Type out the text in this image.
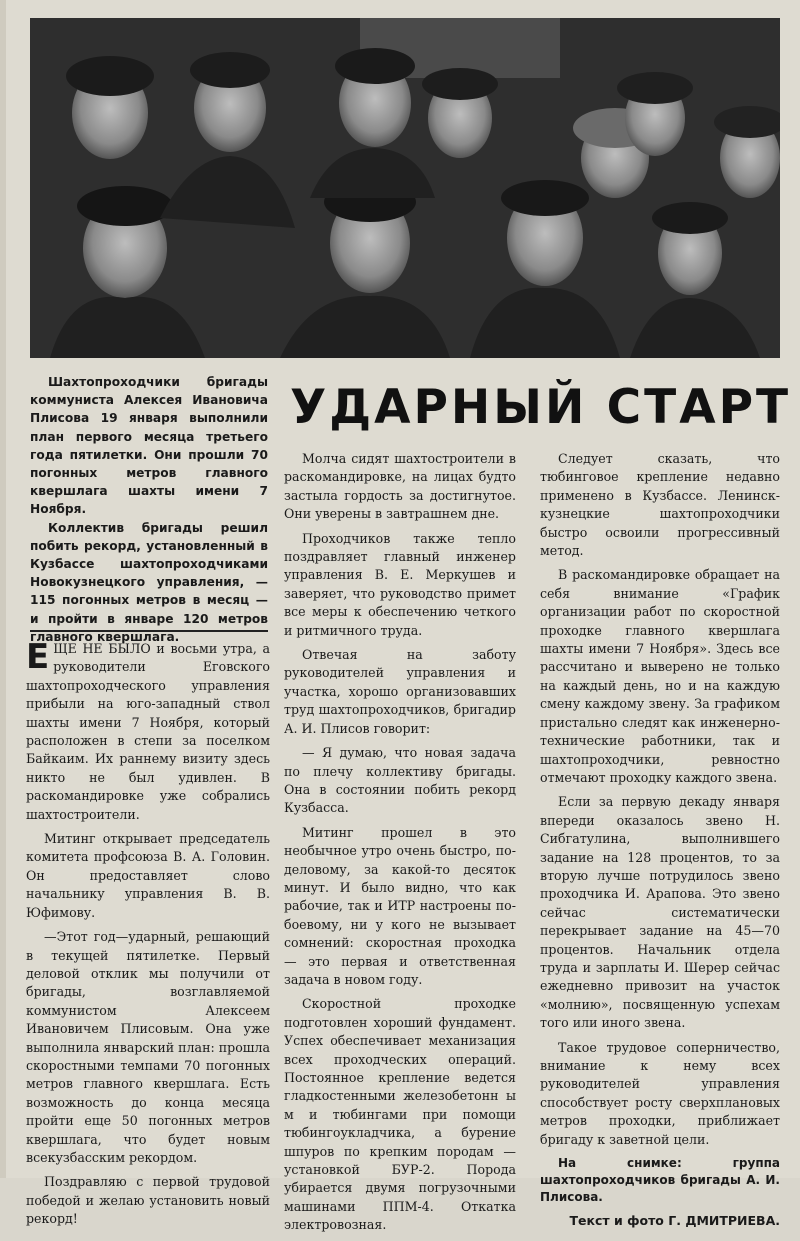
Шахтопроходчики бригады коммуниста Алексея Ивановича Плисова 19 января выполнили план первого месяца третьего года пятилетки. Они прошли 70 погонных метров главного квершлага шахты имени 7 Ноября.

Коллектив бригады решил побить рекорд, установленный в Кузбассе шахтопроходчиками Новокузнецкого управления, — 115 погонных метров в месяц — и пройти в январе 120 метров главного квершлага.

УДАРНЫЙ СТАРТ

ЕЩЕ НЕ БЫЛО и восьми утра, а руководители Еговского шахтопроходческого управления прибыли на юго-западный ствол шахты имени 7 Ноября, который расположен в степи за поселком Байкаим. Их раннему визиту здесь никто не был удивлен. В раскомандировке уже собрались шахтостроители.

Митинг открывает председатель комитета профсоюза В. А. Головин. Он предоставляет слово начальнику управления В. В. Юфимову.

—Этот год—ударный, решающий в текущей пятилетке. Первый деловой отклик мы получили от бригады, возглавляемой коммунистом Алексеем Ивановичем Плисовым. Она уже выполнила январский план: прошла скоростными темпами 70 погонных метров главного квершлага. Есть возможность до конца месяца пройти еще 50 погонных метров квершлага, что будет новым всекузбасским рекордом.

Поздравляю с первой трудовой победой и желаю установить новый рекорд!

Молча сидят шахтостроители в раскомандировке, на лицах будто застыла гордость за достигнутое. Они уверены в завтрашнем дне.

Проходчиков также тепло поздравляет главный инженер управления В. Е. Меркушев и заверяет, что руководство примет все меры к обеспечению четкого и ритмичного труда.

Отвечая на заботу руководителей управления и участка, хорошо организовавших труд шахтопроходчиков, бригадир А. И. Плисов говорит:

— Я думаю, что новая задача по плечу коллективу бригады. Она в состоянии побить рекорд Кузбасса.

Митинг прошел в это необычное утро очень быстро, по-деловому, за какой-то десяток минут. И было видно, что как рабочие, так и ИТР настроены по-боевому, ни у кого не вызывает сомнений: скоростная проходка — это первая и ответственная задача в новом году.

Скоростной проходке подготовлен хороший фундамент. Успех обеспечивает механизация всех проходческих операций. Постоянное крепление ведется гладкостенными железобетонн ы м и тюбингами при помощи тюбингоукладчика, а бурение шпуров по крепким породам — установкой БУР-2. Порода убирается двумя погрузочными машинами ППМ-4. Откатка электровозная.

Следует сказать, что тюбинговое крепление недавно применено в Кузбассе. Ленинск-кузнецкие шахтопроходчики быстро освоили прогрессивный метод.

В раскомандировке обращает на себя внимание «График организации работ по скоростной проходке главного квершлага шахты имени 7 Ноября». Здесь все рассчитано и выверено не только на каждый день, но и на каждую смену каждому звену. За графиком пристально следят как инженерно-технические работники, так и шахтопроходчики, ревностно отмечают проходку каждого звена.

Если за первую декаду января впереди оказалось звено Н. Сибгатулина, выполнившего задание на 128 процентов, то за вторую лучше потрудилось звено проходчика И. Арапова. Это звено сейчас систематически перекрывает задание на 45—70 процентов. Начальник отдела труда и зарплаты И. Шерер сейчас ежедневно привозит на участок «молнию», посвященную успехам того или иного звена.

Такое трудовое соперничество, внимание к нему всех руководителей управления способствует росту сверхплановых метров проходки, приближает бригаду к заветной цели.

На снимке: группа шахтопроходчиков бригады А. И. Плисова.

Текст и фото Г. ДМИТРИЕВА.
